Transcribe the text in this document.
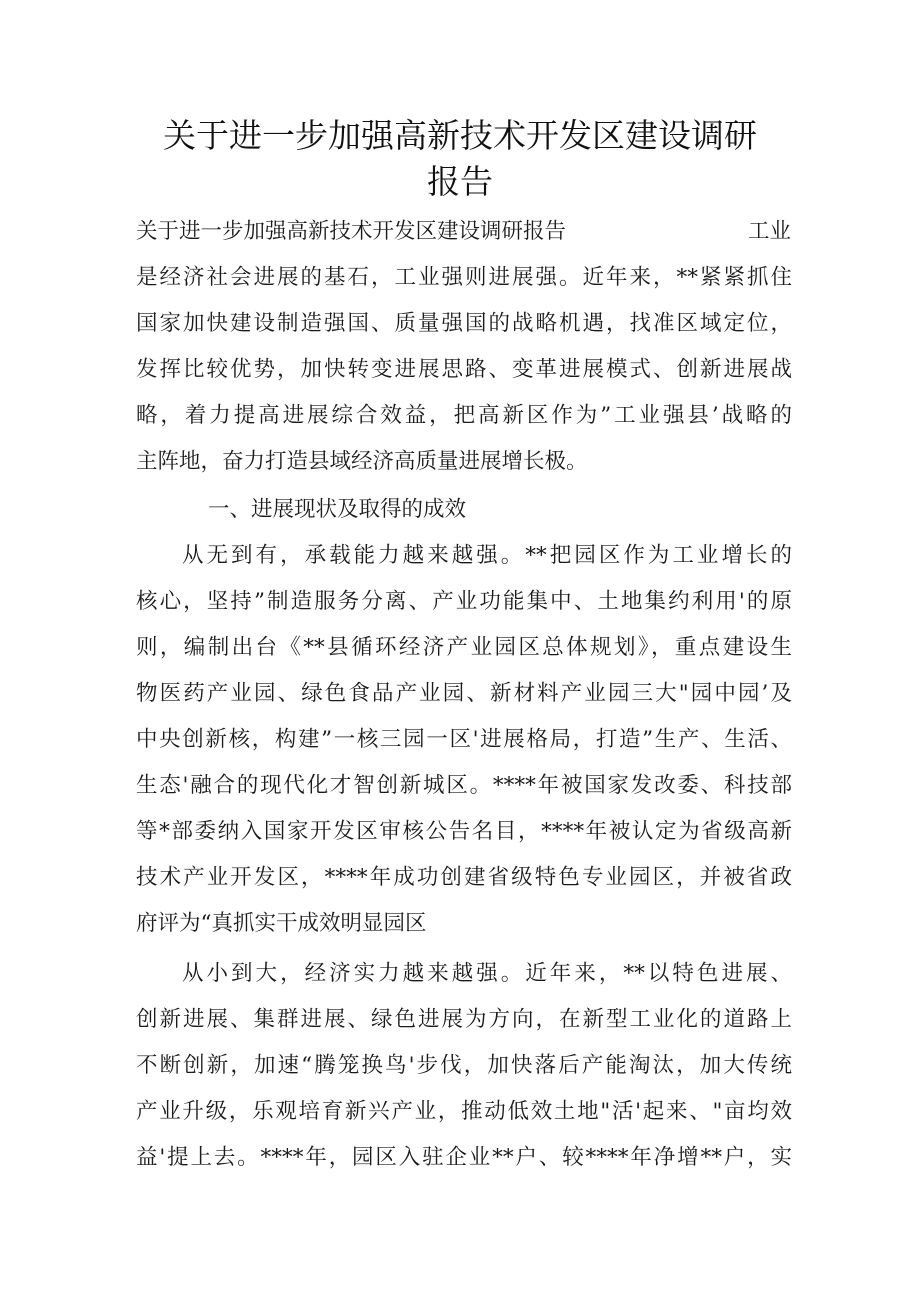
关于进一步加强高新技术开发区建设调研
报告
关于进一步加强高新技术开发区建设调研报告	工业
是经济社会进展的基石，工业强则进展强。近年来，**紧紧抓住
国家加快建设制造强国、质量强国的战略机遇，找准区域定位，
发挥比较优势，加快转变进展思路、变革进展模式、创新进展战
略，着力提高进展综合效益，把高新区作为”工业强县’战略的
主阵地，奋力打造县域经济高质量进展增长极。
一、进展现状及取得的成效
从无到有，承载能力越来越强。**把园区作为工业增长的
核心，坚持”制造服务分离、产业功能集中、土地集约利用'的原
则，编制出台《**县循环经济产业园区总体规划》，重点建设生
物医药产业园、绿色食品产业园、新材料产业园三大"园中园’及
中央创新核，构建”一核三园一区'进展格局，打造”生产、生活、
生态'融合的现代化才智创新城区。****年被国家发改委、科技部
等*部委纳入国家开发区审核公告名目，****年被认定为省级高新
技术产业开发区，****年成功创建省级特色专业园区，并被省政
府评为“真抓实干成效明显园区
从小到大，经济实力越来越强。近年来，**以特色进展、
创新进展、集群进展、绿色进展为方向，在新型工业化的道路上
不断创新，加速“腾笼换鸟'步伐，加快落后产能淘汰，加大传统
产业升级，乐观培育新兴产业，推动低效土地"活'起来、"亩均效
益'提上去。****年，园区入驻企业**户、较****年净增**户，实
